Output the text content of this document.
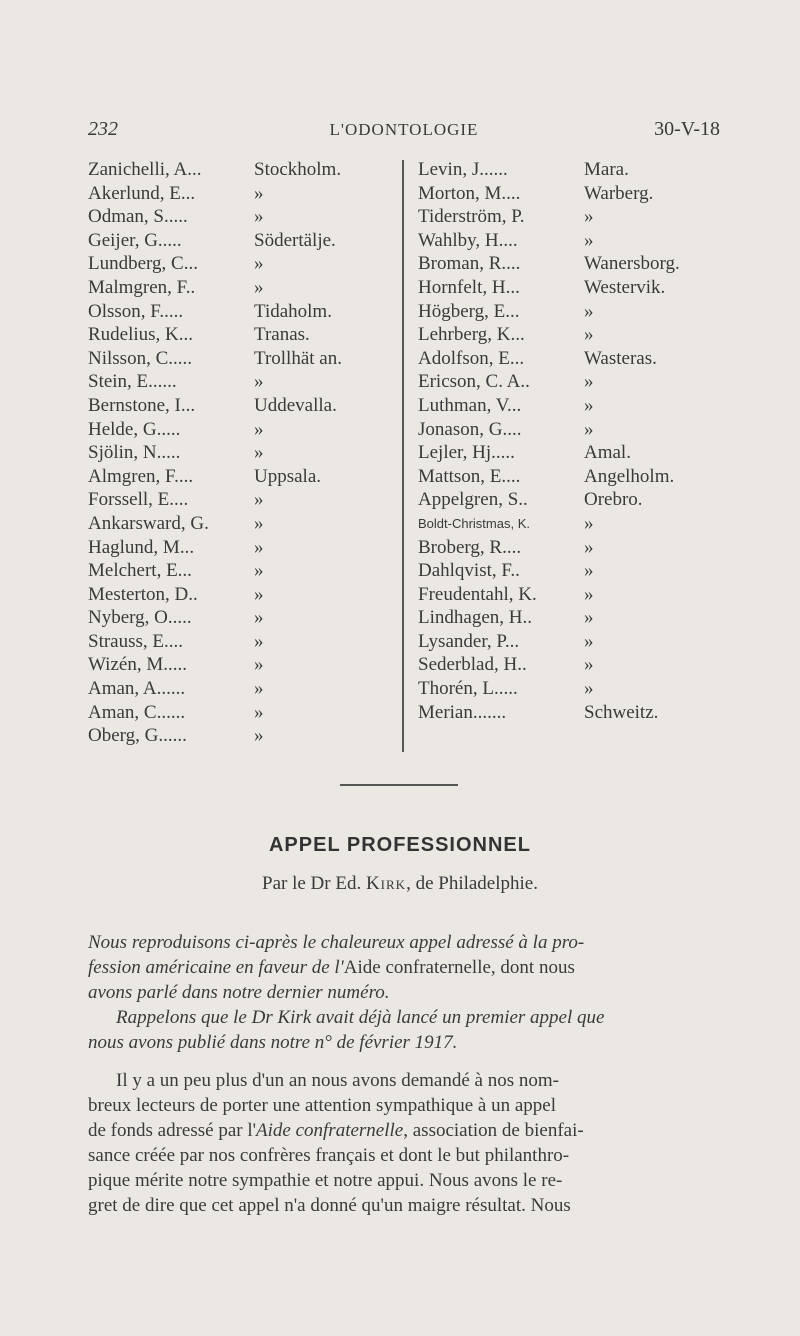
232	L'ODONTOLOGIE	30-V-18
Zanichelli, A...	Stockholm.
Akerlund, E...	»
Odman, S.....	»
Geijer, G.....	Södertälje.
Lundberg, C...	»
Malmgren, F..	»
Olsson, F.....	Tidaholm.
Rudelius, K...	Tranas.
Nilsson, C.....	Trollhät an.
Stein, E......	»
Bernstone, I...	Uddevalla.
Helde, G.....	»
Sjölin, N.....	»
Almgren, F....	Uppsala.
Forssell, E....	»
Ankarsward, G. »
Haglund, M...	»
Melchert, E...	»
Mesterton, D..	»
Nyberg, O.....	»
Strauss, E....	»
Wizén, M.....	»
Aman, A......	»
Aman, C......	»
Oberg, G......	»
Levin, J......	Mara.
Morton, M....	Warberg.
Tiderström, P.	»
Wahlby, H....	»
Broman, R....	Wanersborg.
Hornfelt, H...	Westervik.
Högberg, E...	»
Lehrberg, K...	»
Adolfson, E...	Wasteras.
Ericson, C. A..	»
Luthman, V...	»
Jonason, G....	»
Lejler, Hj.....	Amal.
Mattson, E....	Angelholm.
Appelgren, S..	Orebro.
Boldt-Christmas, K.	»
Broberg, R....	»
Dahlqvist, F..	»
Freudentahl, K. »
Lindhagen, H..	»
Lysander, P...	»
Sederblad, H..	»
Thorén, L.....	»
Merian.......	Schweitz.
APPEL PROFESSIONNEL
Par le Dr Ed. Kirk, de Philadelphie.
Nous reproduisons ci-après le chaleureux appel adressé à la pro-
fession américaine en faveur de l'Aide confraternelle, dont nous
avons parlé dans notre dernier numéro.
Rappelons que le Dr Kirk avait déjà lancé un premier appel que
nous avons publié dans notre n° de février 1917.
Il y a un peu plus d'un an nous avons demandé à nos nom-
breux lecteurs de porter une attention sympathique à un appel
de fonds adressé par l'Aide confraternelle, association de bienfai-
sance créée par nos confrères français et dont le but philanthro-
pique mérite notre sympathie et notre appui. Nous avons le re-
gret de dire que cet appel n'a donné qu'un maigre résultat. Nous
